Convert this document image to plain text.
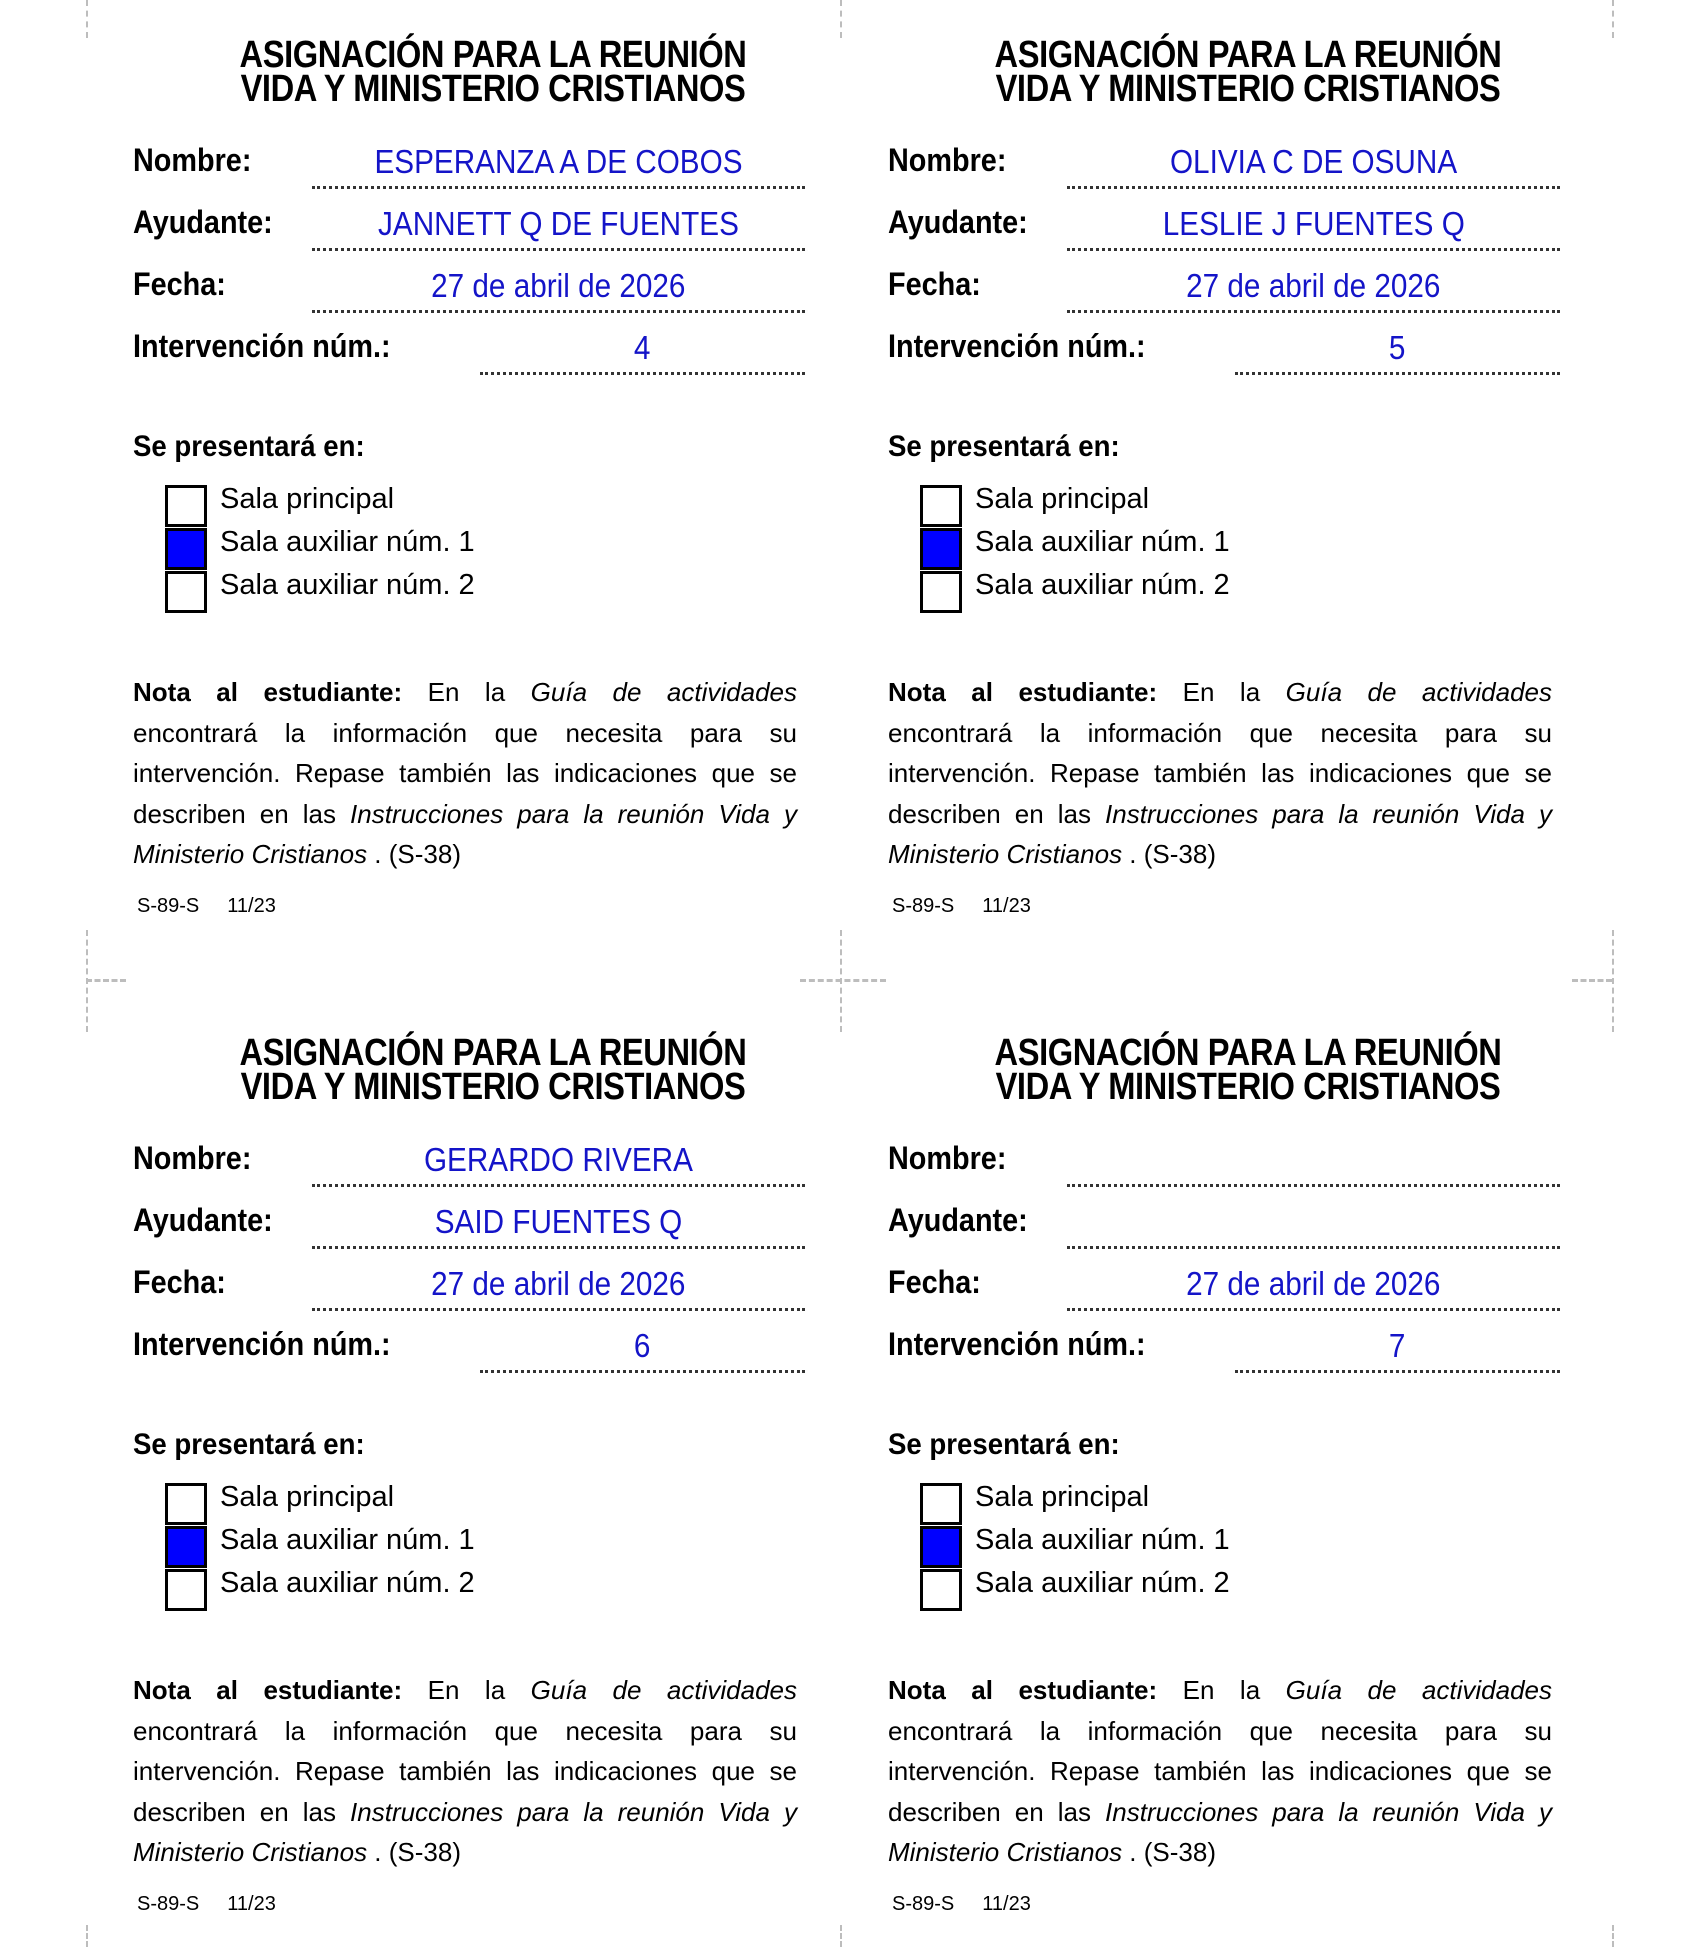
ASIGNACIÓN PARA LA REUNIÓN
VIDA Y MINISTERIO CRISTIANOS
Nombre:	ESPERANZA A DE COBOS
Ayudante:	JANNETT Q DE FUENTES
Fecha:	27 de abril de 2026
Intervención núm.:	4
Se presentará en:
Sala principal
Sala auxiliar núm. 1
Sala auxiliar núm. 2
Nota al estudiante: En la Guía de actividades encontrará la información que necesita para su intervención. Repase también las indicaciones que se describen en las Instrucciones para la reunión Vida y Ministerio Cristianos . (S-38)
S-89-S 11/23
ASIGNACIÓN PARA LA REUNIÓN
VIDA Y MINISTERIO CRISTIANOS
Nombre:	OLIVIA C DE OSUNA
Ayudante:	LESLIE J FUENTES Q
Fecha:	27 de abril de 2026
Intervención núm.:	5
Se presentará en:
Sala principal
Sala auxiliar núm. 1
Sala auxiliar núm. 2
Nota al estudiante: En la Guía de actividades encontrará la información que necesita para su intervención. Repase también las indicaciones que se describen en las Instrucciones para la reunión Vida y Ministerio Cristianos . (S-38)
S-89-S 11/23
ASIGNACIÓN PARA LA REUNIÓN
VIDA Y MINISTERIO CRISTIANOS
Nombre:	GERARDO RIVERA
Ayudante:	SAID FUENTES Q
Fecha:	27 de abril de 2026
Intervención núm.:	6
Se presentará en:
Sala principal
Sala auxiliar núm. 1
Sala auxiliar núm. 2
Nota al estudiante: En la Guía de actividades encontrará la información que necesita para su intervención. Repase también las indicaciones que se describen en las Instrucciones para la reunión Vida y Ministerio Cristianos . (S-38)
S-89-S 11/23
ASIGNACIÓN PARA LA REUNIÓN
VIDA Y MINISTERIO CRISTIANOS
Nombre:
Ayudante:
Fecha:	27 de abril de 2026
Intervención núm.:	7
Se presentará en:
Sala principal
Sala auxiliar núm. 1
Sala auxiliar núm. 2
Nota al estudiante: En la Guía de actividades encontrará la información que necesita para su intervención. Repase también las indicaciones que se describen en las Instrucciones para la reunión Vida y Ministerio Cristianos . (S-38)
S-89-S 11/23
